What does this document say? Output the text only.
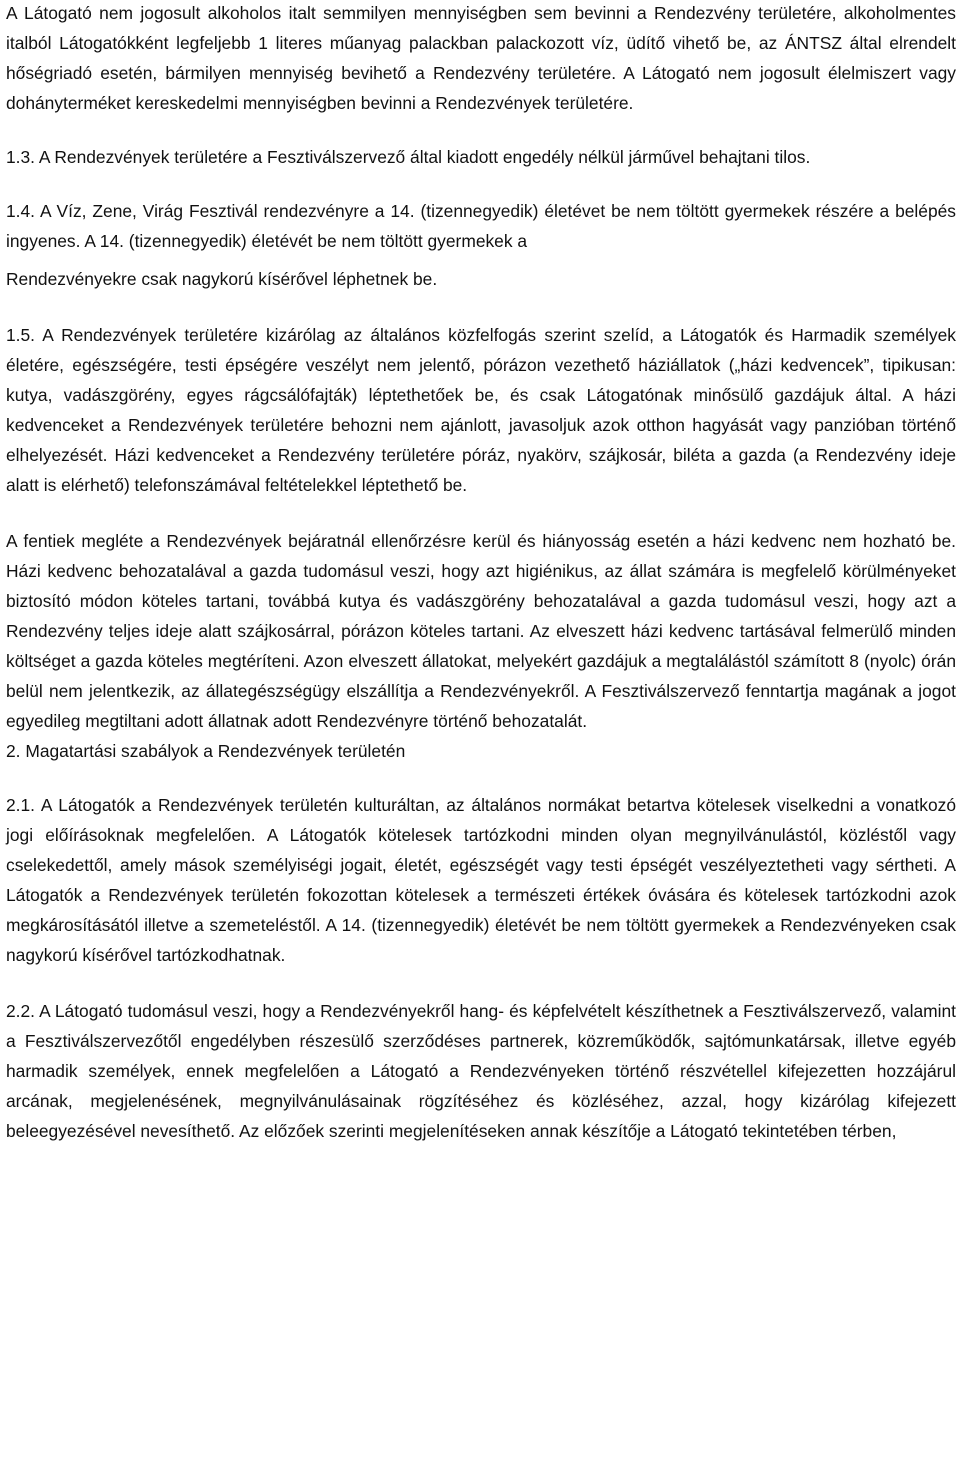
A Látogató nem jogosult alkoholos italt semmilyen mennyiségben sem bevinni a Rendezvény területére, alkoholmentes italból Látogatókként legfeljebb 1 literes műanyag palackban palackozott víz, üdítő vihető be, az ÁNTSZ által elrendelt hőségriadó esetén, bármilyen mennyiség bevihető a Rendezvény területére. A Látogató nem jogosult élelmiszert vagy dohányterméket kereskedelmi mennyiségben bevinni a Rendezvények területére.

1.3. A Rendezvények területére a Fesztiválszervező által kiadott engedély nélkül járművel behajtani tilos.

1.4. A Víz, Zene, Virág Fesztivál rendezvényre a 14. (tizennegyedik) életévet be nem töltött gyermekek részére a belépés ingyenes. A 14. (tizennegyedik) életévét be nem töltött gyermekek a

Rendezvényekre csak nagykorú kísérővel léphetnek be.

1.5. A Rendezvények területére kizárólag az általános közfelfogás szerint szelíd, a Látogatók és Harmadik személyek életére, egészségére, testi épségére veszélyt nem jelentő, pórázon vezethető háziállatok („házi kedvencek”, tipikusan: kutya, vadászgörény, egyes rágcsálófajták) léptethetőek be, és csak Látogatónak minősülő gazdájuk által. A házi kedvenceket a Rendezvények területére behozni nem ajánlott, javasoljuk azok otthon hagyását vagy panzióban történő elhelyezését. Házi kedvenceket a Rendezvény területére póráz, nyakörv, szájkosár, biléta a gazda (a Rendezvény ideje alatt is elérhető) telefonszámával feltételekkel léptethető be.

A fentiek megléte a Rendezvények bejáratnál ellenőrzésre kerül és hiányosság esetén a házi kedvenc nem hozható be. Házi kedvenc behozatalával a gazda tudomásul veszi, hogy azt higiénikus, az állat számára is megfelelő körülményeket biztosító módon köteles tartani, továbbá kutya és vadászgörény behozatalával a gazda tudomásul veszi, hogy azt a Rendezvény teljes ideje alatt szájkosárral, pórázon köteles tartani. Az elveszett házi kedvenc tartásával felmerülő minden költséget a gazda köteles megtéríteni. Azon elveszett állatokat, melyekért gazdájuk a megtalálástól számított 8 (nyolc) órán belül nem jelentkezik, az állategészségügy elszállítja a Rendezvényekről. A Fesztiválszervező fenntartja magának a jogot egyedileg megtiltani adott állatnak adott Rendezvényre történő behozatalát.

2. Magatartási szabályok a Rendezvények területén

2.1. A Látogatók a Rendezvények területén kulturáltan, az általános normákat betartva kötelesek viselkedni a vonatkozó jogi előírásoknak megfelelően. A Látogatók kötelesek tartózkodni minden olyan megnyilvánulástól, közléstől vagy cselekedettől, amely mások személyiségi jogait, életét, egészségét vagy testi épségét veszélyeztetheti vagy sértheti. A Látogatók a Rendezvények területén fokozottan kötelesek a természeti értékek óvására és kötelesek tartózkodni azok megkárosításától illetve a szemeteléstől. A 14. (tizennegyedik) életévét be nem töltött gyermekek a Rendezvényeken csak nagykorú kísérővel tartózkodhatnak.

2.2. A Látogató tudomásul veszi, hogy a Rendezvényekről hang- és képfelvételt készíthetnek a Fesztiválszervező, valamint a Fesztiválszervezőtől engedélyben részesülő szerződéses partnerek, közreműködők, sajtómunkatársak, illetve egyéb harmadik személyek, ennek megfelelően a Látogató a Rendezvényeken történő részvétellel kifejezetten hozzájárul arcának, megjelenésének, megnyilvánulásainak rögzítéséhez és közléséhez, azzal, hogy kizárólag kifejezett beleegyezésével nevesíthető. Az előzőek szerinti megjelenítéseken annak készítője a Látogató tekintetében térben,
